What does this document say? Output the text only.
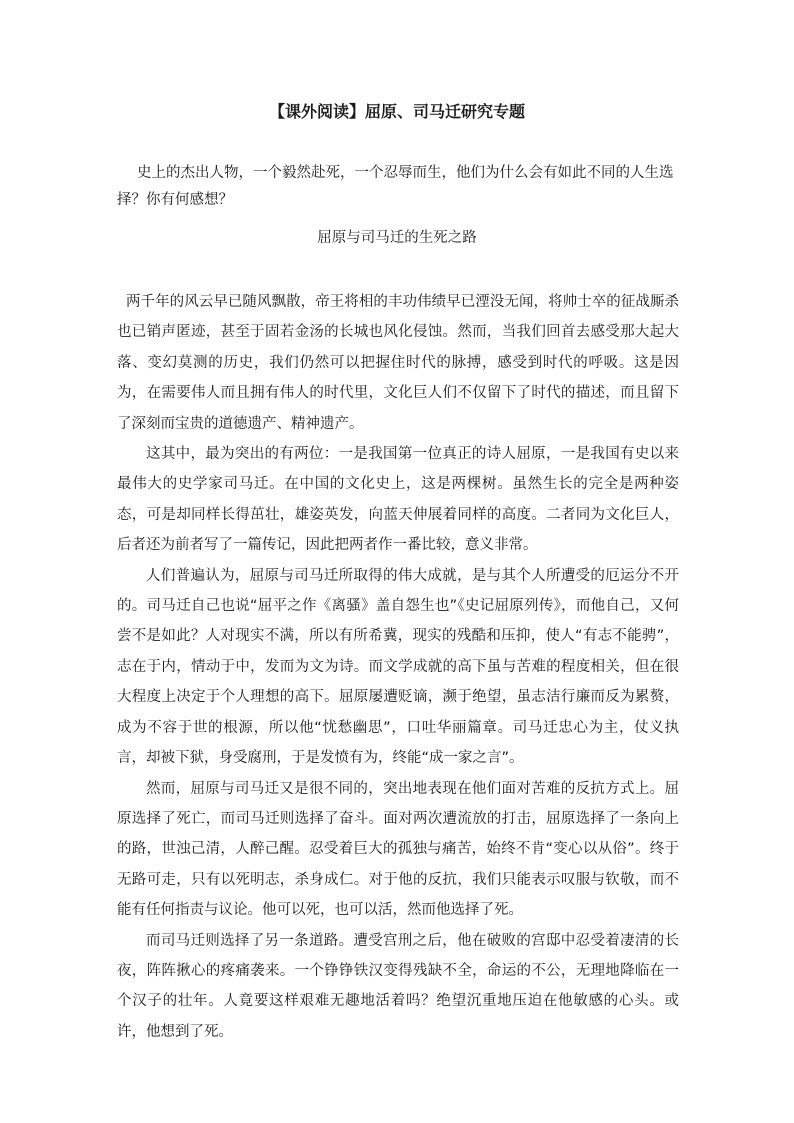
【课外阅读】屈原、司马迁研究专题

史上的杰出人物，一个毅然赴死，一个忍辱而生，他们为什么会有如此不同的人生选择？你有何感想？

屈原与司马迁的生死之路

两千年的风云早已随风飘散，帝王将相的丰功伟绩早已湮没无闻，将帅士卒的征战厮杀也已销声匿迹，甚至于固若金汤的长城也风化侵蚀。然而，当我们回首去感受那大起大落、变幻莫测的历史，我们仍然可以把握住时代的脉搏，感受到时代的呼吸。这是因为，在需要伟人而且拥有伟人的时代里，文化巨人们不仅留下了时代的描述，而且留下了深刻而宝贵的道德遗产、精神遗产。

这其中，最为突出的有两位：一是我国第一位真正的诗人屈原，一是我国有史以来最伟大的史学家司马迁。在中国的文化史上，这是两棵树。虽然生长的完全是两种姿态，可是却同样长得茁壮，雄姿英发，向蓝天伸展着同样的高度。二者同为文化巨人，后者还为前者写了一篇传记，因此把两者作一番比较，意义非常。

人们普遍认为，屈原与司马迁所取得的伟大成就，是与其个人所遭受的厄运分不开的。司马迁自己也说“屈平之作《离骚》盖自怨生也”《史记屈原列传》，而他自己，又何尝不是如此？人对现实不满，所以有所希冀，现实的残酷和压抑，使人“有志不能骋”，志在于内，情动于中，发而为文为诗。而文学成就的高下虽与苦难的程度相关，但在很大程度上决定于个人理想的高下。屈原屡遭贬谪，濒于绝望，虽志洁行廉而反为累赘，成为不容于世的根源，所以他“忧愁幽思”，口吐华丽篇章。司马迁忠心为主，仗义执言，却被下狱，身受腐刑，于是发愤有为，终能“成一家之言”。

然而，屈原与司马迁又是很不同的，突出地表现在他们面对苦难的反抗方式上。屈原选择了死亡，而司马迁则选择了奋斗。面对两次遭流放的打击，屈原选择了一条向上的路，世浊己清，人醉己醒。忍受着巨大的孤独与痛苦，始终不肯“变心以从俗”。终于无路可走，只有以死明志，杀身成仁。对于他的反抗，我们只能表示叹服与钦敬，而不能有任何指责与议论。他可以死，也可以活，然而他选择了死。

而司马迁则选择了另一条道路。遭受宫刑之后，他在破败的宫邸中忍受着凄清的长夜，阵阵揪心的疼痛袭来。一个铮铮铁汉变得残缺不全，命运的不公，无理地降临在一个汉子的壮年。人竟要这样艰难无趣地活着吗？绝望沉重地压迫在他敏感的心头。或许，他想到了死。
